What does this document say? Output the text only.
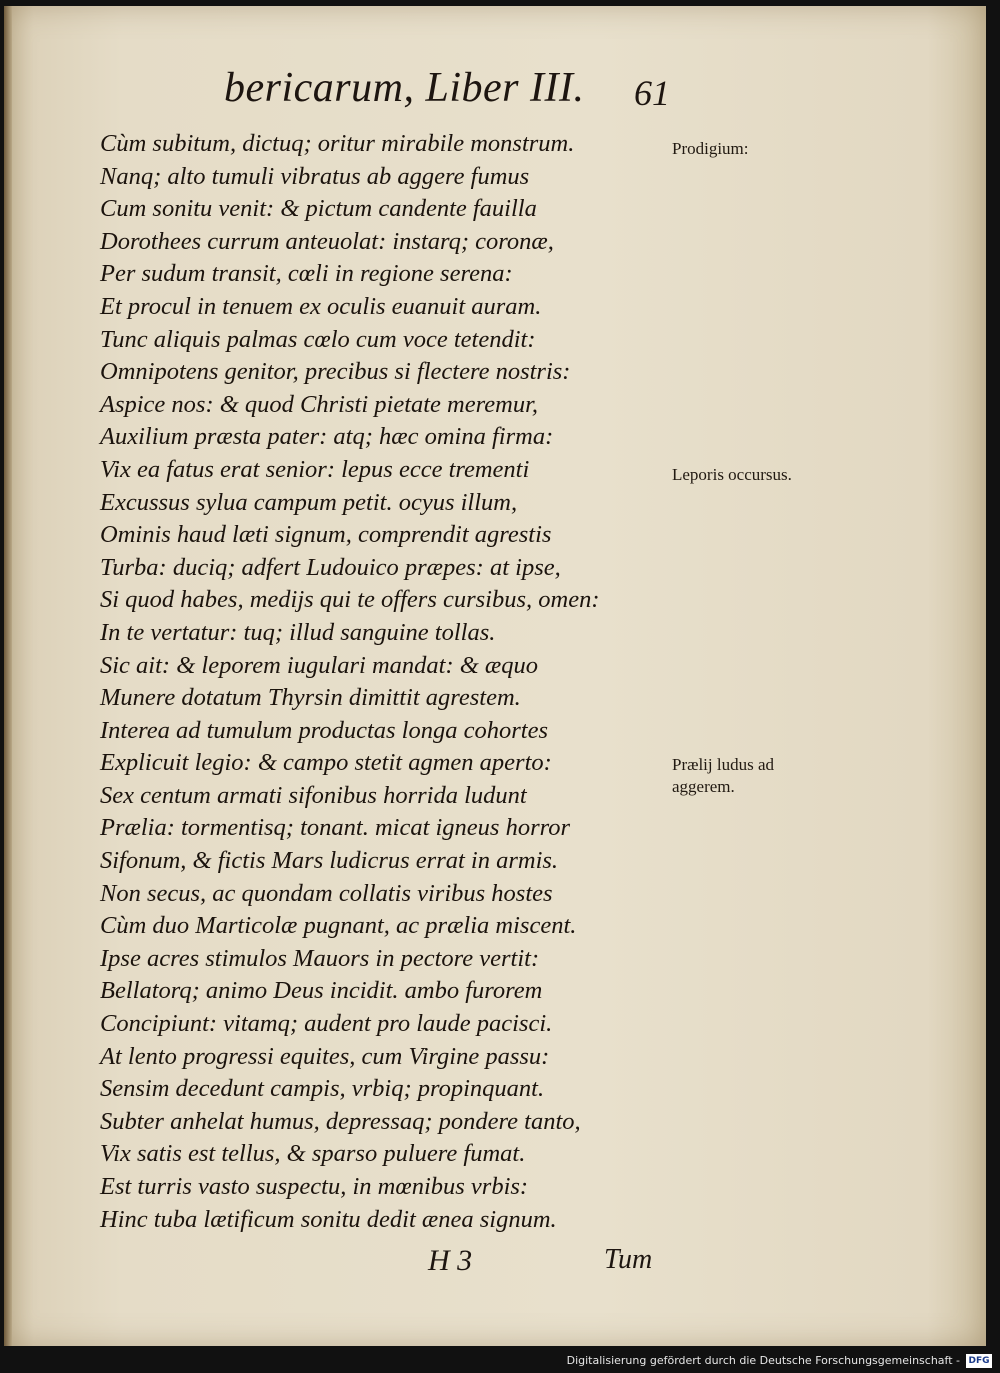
bericarum, Liber III. 61
Cùm subitum, dictuq; oritur mirabile monstrum.
Nanq; alto tumuli vibratus ab aggere fumus
Cum sonitu venit: & pictum candente fauilla
Dorothees currum anteuolat: instarq; coronæ,
Per sudum transit, cœli in regione serena:
Et procul in tenuem ex oculis euanuit auram.
Tunc aliquis palmas cœlo cum voce tetendit:
Omnipotens genitor, precibus si flectere nostris:
Aspice nos: & quod Christi pietate meremur,
Auxilium præsta pater: atq; hæc omina firma:
Vix ea fatus erat senior: lepus ecce trementi
Excussus sylua campum petit. ocyus illum,
Ominis haud læti signum, comprendit agrestis
Turba: duciq; adfert Ludouico præpes: at ipse,
Si quod habes, medijs qui te offers cursibus, omen:
In te vertatur: tuq; illud sanguine tollas.
Sic ait: & leporem iugulari mandat: & æquo
Munere dotatum Thyrsin dimittit agrestem.
Interea ad tumulum productas longa cohortes
Explicuit legio: & campo stetit agmen aperto:
Sex centum armati sifonibus horrida ludunt
Prælia: tormentisq; tonant. micat igneus horror
Sifonum, & fictis Mars ludicrus errat in armis.
Non secus, ac quondam collatis viribus hostes
Cùm duo Marticolæ pugnant, ac prælia miscent.
Ipse acres stimulos Mauors in pectore vertit:
Bellatorq; animo Deus incidit. ambo furorem
Concipiunt: vitamq; audent pro laude pacisci.
At lento progressi equites, cum Virgine passu:
Sensim decedunt campis, vrbiq; propinquant.
Subter anhelat humus, depressaq; pondere tanto,
Vix satis est tellus, & sparso puluere fumat.
Est turris vasto suspectu, in mœnibus vrbis:
Hinc tuba lætificum sonitu dedit ænea signum.
Prodigium:
Leporis occursus.
Prælij ludus ad
aggerem.
H 3	Tum
Digitalisierung gefördert durch die Deutsche Forschungsgemeinschaft - DFG
